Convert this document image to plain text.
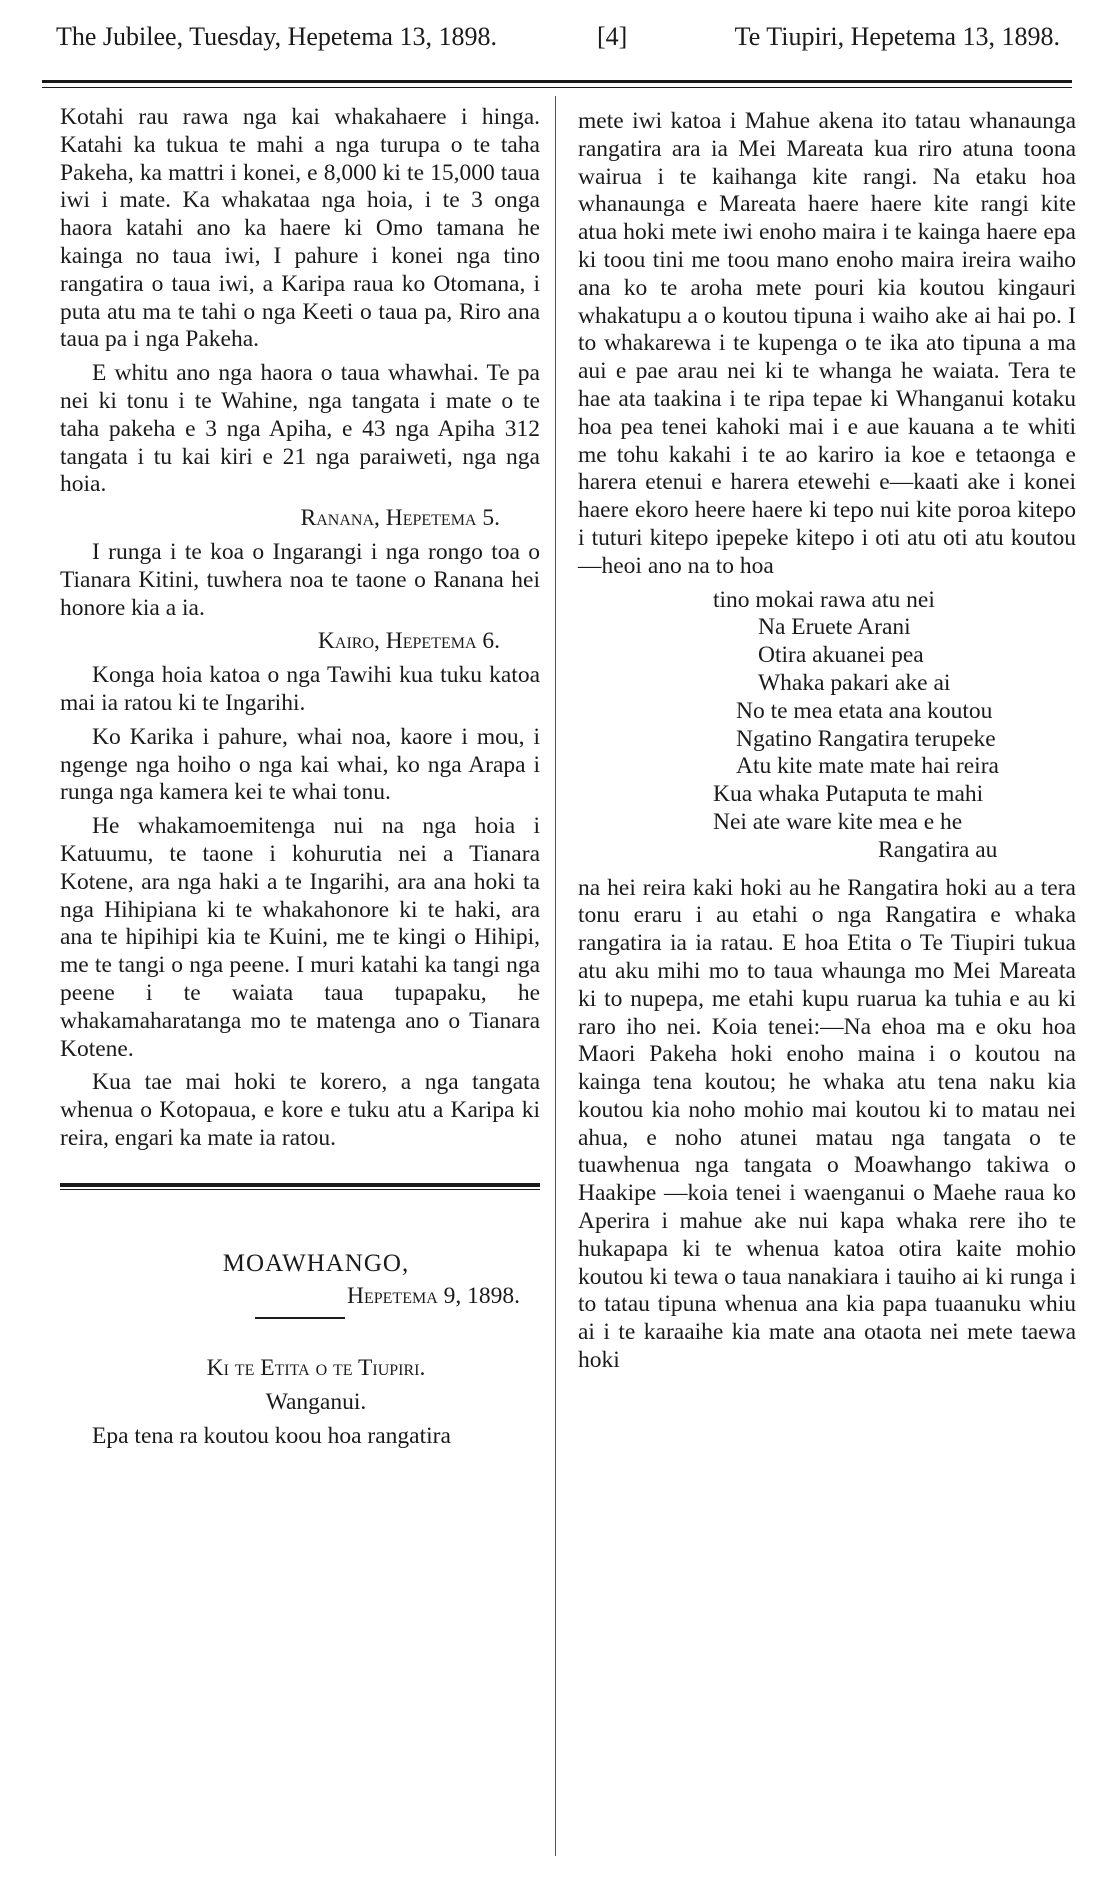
The Jubilee, Tuesday, Hepetema 13, 1898.	[4]	Te Tiupiri, Hepetema 13, 1898.

Kotahi rau rawa nga kai whakahaere i hinga. Katahi ka tukua te mahi a nga turupa o te taha Pakeha, ka mattri i konei, e 8,000 ki te 15,000 taua iwi i mate. Ka whakataa nga hoia, i te 3 onga haora katahi ano ka haere ki Omo tamana he kainga no taua iwi, I pahure i konei nga tino rangatira o taua iwi, a Karipa raua ko Otomana, i puta atu ma te tahi o nga Keeti o taua pa, Riro ana taua pa i nga Pakeha.

E whitu ano nga haora o taua whawhai. Te pa nei ki tonu i te Wahine, nga tangata i mate o te taha pakeha e 3 nga Apiha, e 43 nga Apiha 312 tangata i tu kai kiri e 21 nga paraiweti, nga nga hoia.

Ranana, Hepetema 5.

I runga i te koa o Ingarangi i nga rongo toa o Tianara Kitini, tuwhera noa te taone o Ranana hei honore kia a ia.

Kairo, Hepetema 6.

Konga hoia katoa o nga Tawihi kua tuku katoa mai ia ratou ki te Ingarihi.

Ko Karika i pahure, whai noa, kaore i mou, i ngenge nga hoiho o nga kai whai, ko nga Arapa i runga nga kamera kei te whai tonu.

He whakamoemitenga nui na nga hoia i Katuumu, te taone i kohurutia nei a Tianara Kotene, ara nga haki a te Ingarihi, ara ana hoki ta nga Hihipiana ki te whakahonore ki te haki, ara ana te hipihipi kia te Kuini, me te kingi o Hihipi, me te tangi o nga peene. I muri katahi ka tangi nga peene i te waiata taua tupapaku, he whakamaharatanga mo te matenga ano o Tianara Kotene.

Kua tae mai hoki te korero, a nga tangata whenua o Kotopaua, e kore e tuku atu a Karipa ki reira, engari ka mate ia ratou.

MOAWHANGO,

Hepetema 9, 1898.

Ki te Etita o te Tiupiri.

Wanganui.

Epa tena ra koutou koou hoa rangatira

mete iwi katoa i Mahue akena ito tatau whanaunga rangatira ara ia Mei Mareata kua riro atuna toona wairua i te kaihanga kite rangi. Na etaku hoa whanaunga e Mareata haere haere kite rangi kite atua hoki mete iwi enoho maira i te kainga haere epa ki toou tini me toou mano enoho maira ireira waiho ana ko te aroha mete pouri kia koutou kingauri whakatupu a o koutou tipuna i waiho ake ai hai po. I to whakarewa i te kupenga o te ika ato tipuna a ma aui e pae arau nei ki te whanga he waiata. Tera te hae ata taakina i te ripa tepae ki Whanganui kotaku hoa pea tenei kahoki mai i e aue kauana a te whiti me tohu kakahi i te ao kariro ia koe e tetaonga e harera etenui e harera etewehi e—kaati ake i konei haere ekoro heere haere ki tepo nui kite poroa kitepo i tuturi kitepo ipepeke kitepo i oti atu oti atu koutou—heoi ano na to hoa

tino mokai rawa atu nei
Na Eruete Arani
Otira akuanei pea
Whaka pakari ake ai
No te mea etata ana koutou
Ngatino Rangatira terupeke
Atu kite mate mate hai reira
Kua whaka Putaputa te mahi
Nei ate ware kite mea e he
Rangatira au

na hei reira kaki hoki au he Rangatira hoki au a tera tonu eraru i au etahi o nga Rangatira e whaka rangatira ia ia ratau. E hoa Etita o Te Tiupiri tukua atu aku mihi mo to taua whaunga mo Mei Mareata ki to nupepa, me etahi kupu ruarua ka tuhia e au ki raro iho nei. Koia tenei:—Na ehoa ma e oku hoa Maori Pakeha hoki enoho maina i o koutou na kainga tena koutou; he whaka atu tena naku kia koutou kia noho mohio mai koutou ki to matau nei ahua, e noho atunei matau nga tangata o te tuawhenua nga tangata o Moawhango takiwa o Haakipe —koia tenei i waenganui o Maehe raua ko Aperira i mahue ake nui kapa whaka rere iho te hukapapa ki te whenua katoa otira kaite mohio koutou ki tewa o taua nanakiara i tauiho ai ki runga i to tatau tipuna whenua ana kia papa tuaanuku whiu ai i te karaaihe kia mate ana otaota nei mete taewa hoki
